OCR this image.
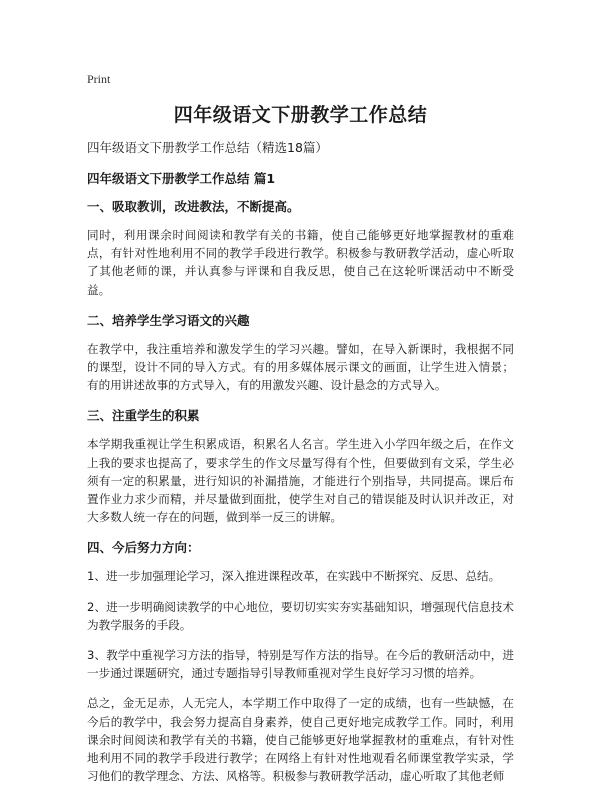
Print
四年级语文下册教学工作总结

四年级语文下册教学工作总结（精选18篇）

四年级语文下册教学工作总结 篇1

一、吸取教训，改进教法，不断提高。

同时，利用课余时间阅读和教学有关的书籍，使自己能够更好地掌握教材的重难点，有针对性地利用不同的教学手段进行教学。积极参与教研教学活动，虚心听取了其他老师的课，并认真参与评课和自我反思，使自己在这轮听课活动中不断受益。

二、培养学生学习语文的兴趣

在教学中，我注重培养和激发学生的学习兴趣。譬如，在导入新课时，我根据不同的课型，设计不同的导入方式。有的用多媒体展示课文的画面，让学生进入情景；有的用讲述故事的方式导入，有的用激发兴趣、设计悬念的方式导入。

三、注重学生的积累

本学期我重视让学生积累成语，积累名人名言。学生进入小学四年级之后，在作文上我的要求也提高了，要求学生的作文尽量写得有个性，但要做到有文采，学生必须有一定的积累量，进行知识的补漏措施，才能进行个别指导，共同提高。课后布置作业力求少而精，并尽量做到面批，使学生对自己的错误能及时认识并改正，对大多数人统一存在的问题，做到举一反三的讲解。

四、今后努力方向：

1、进一步加强理论学习，深入推进课程改革，在实践中不断探究、反思、总结。

2、进一步明确阅读教学的中心地位，要切切实实夯实基础知识，增强现代信息技术为教学服务的手段。

3、教学中重视学习方法的指导，特别是写作方法的指导。在今后的教研活动中，进一步通过课题研究，通过专题指导引导教师重视对学生良好学习习惯的培养。

总之，金无足赤，人无完人，本学期工作中取得了一定的成绩，也有一些缺憾，在今后的教学中，我会努力提高自身素养，使自己更好地完成教学工作。同时，利用课余时间阅读和教学有关的书籍，使自己能够更好地掌握教材的重难点，有针对性地利用不同的教学手段进行教学；在网络上有针对性地观看名师课堂教学实录，学习他们的教学理念、方法、风格等。积极参与教研教学活动，虚心听取了其他老师
